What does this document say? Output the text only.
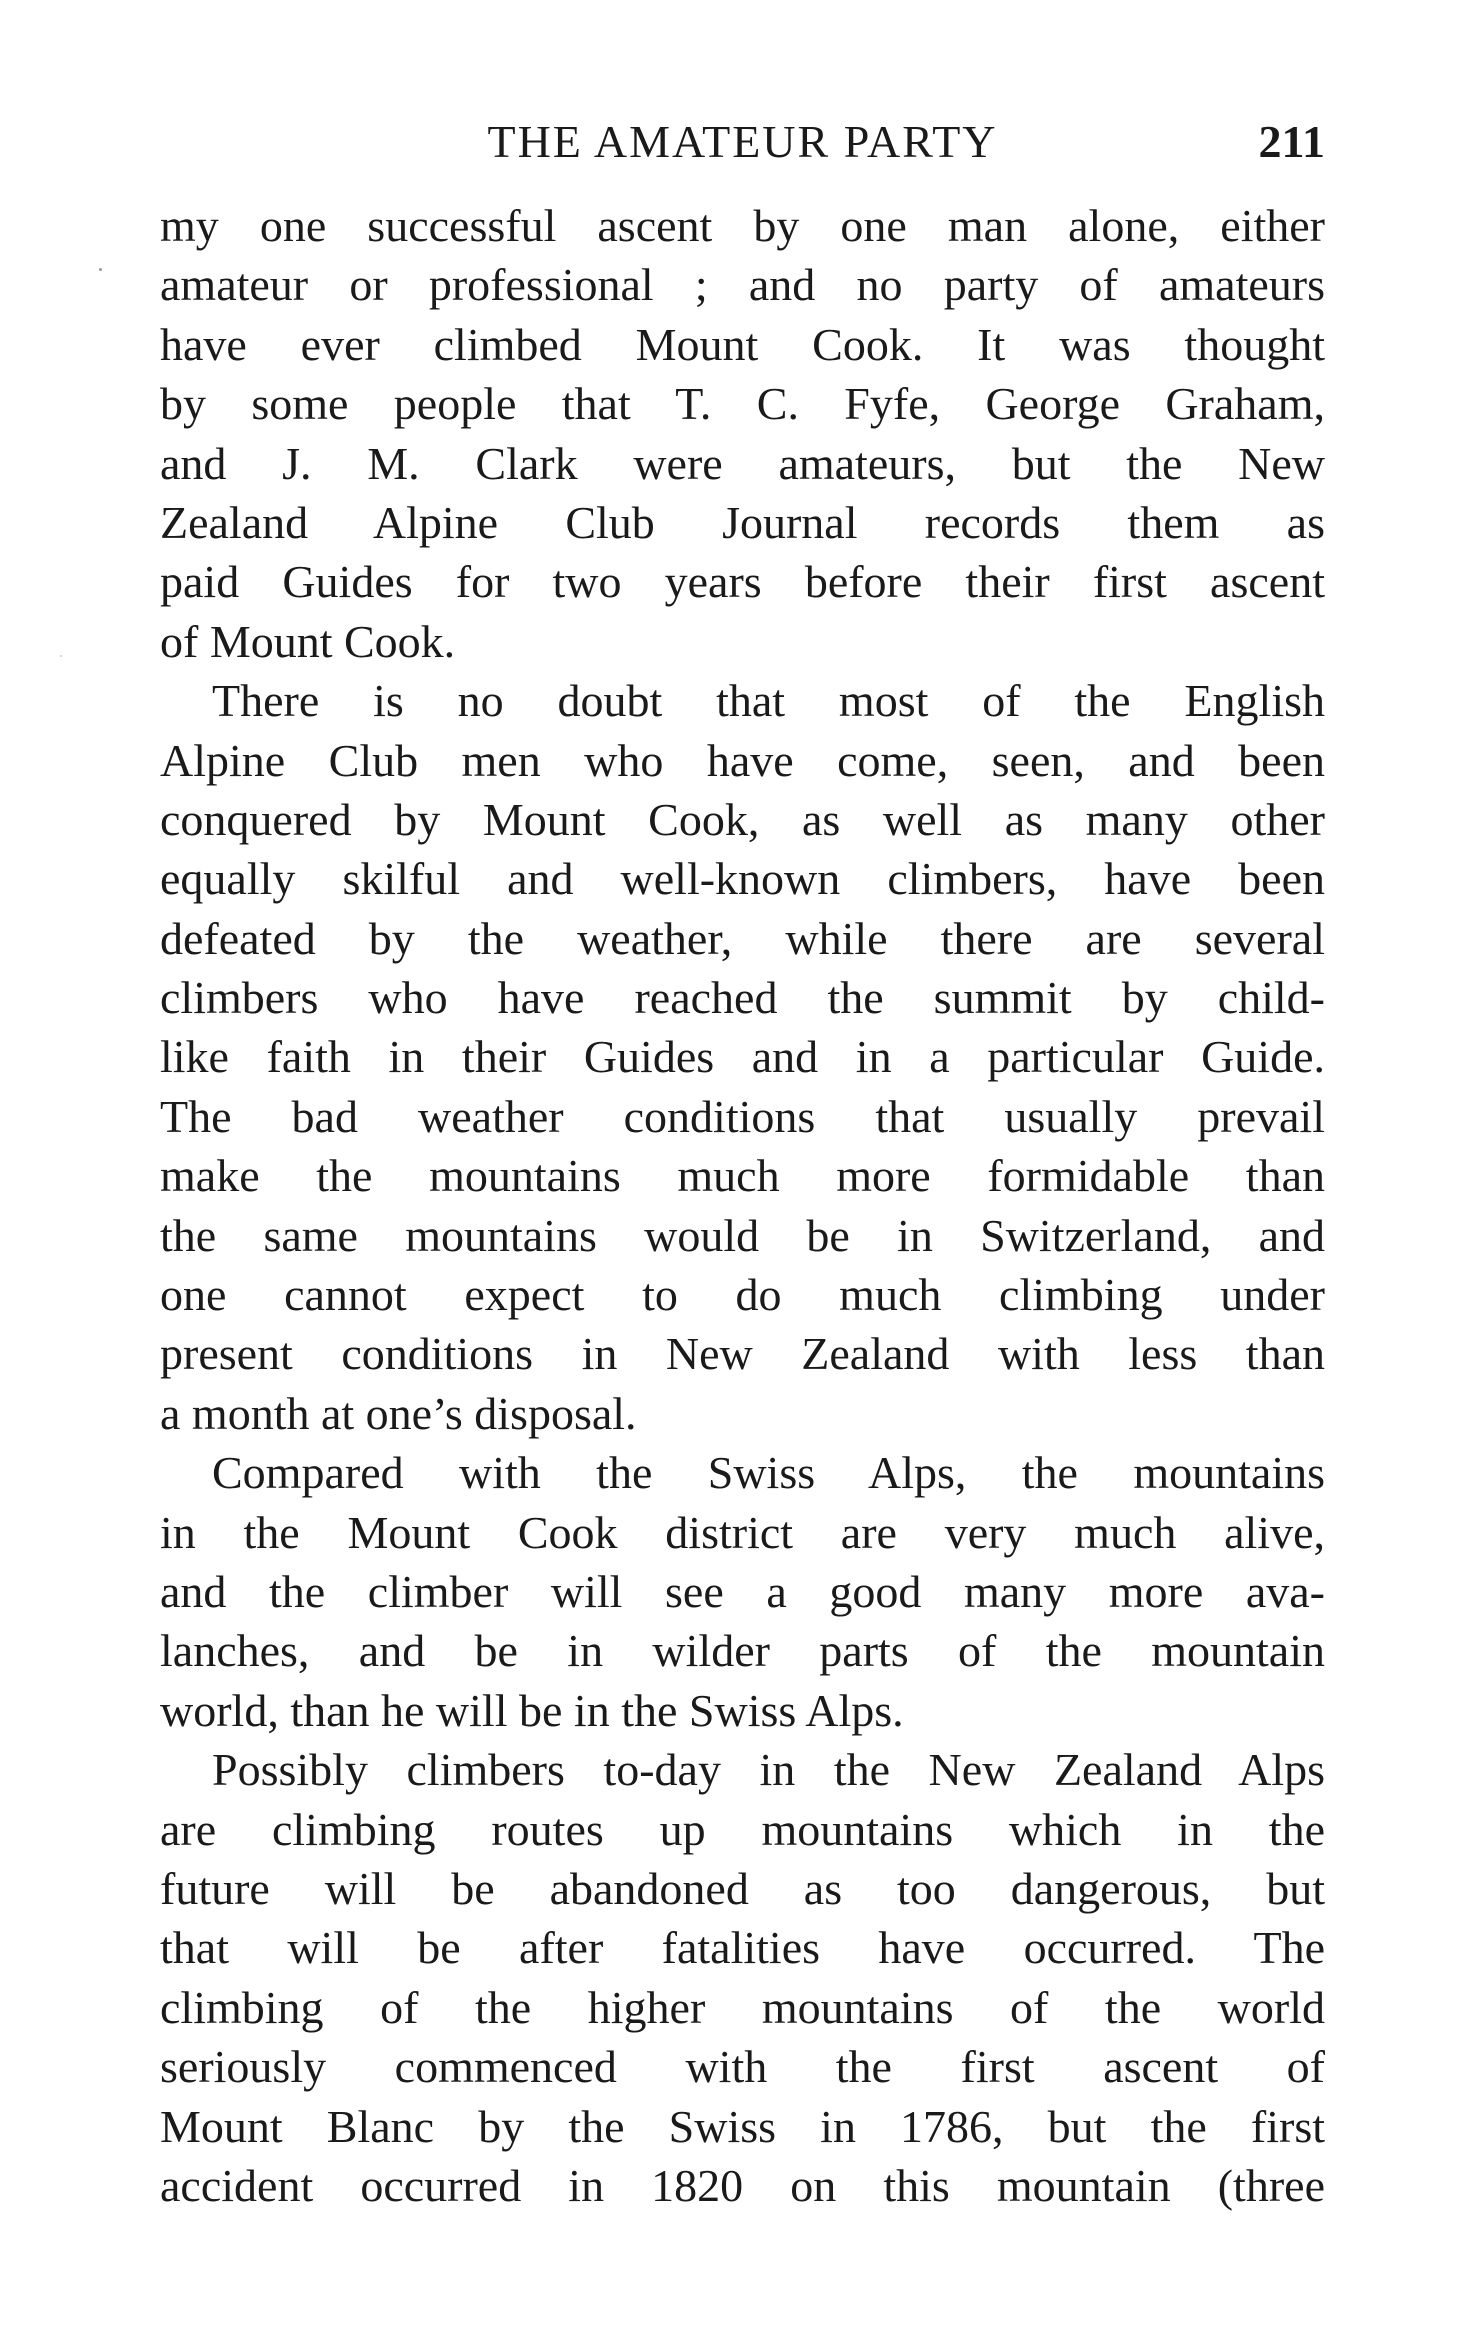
THE AMATEUR PARTY	211
my one successful ascent by one man alone, either
amateur or professional ; and no party of amateurs
have ever climbed Mount Cook. It was thought
by some people that T. C. Fyfe, George Graham,
and J. M. Clark were amateurs, but the New
Zealand Alpine Club Journal records them as
paid Guides for two years before their first ascent
of Mount Cook.
There is no doubt that most of the English
Alpine Club men who have come, seen, and been
conquered by Mount Cook, as well as many other
equally skilful and well-known climbers, have been
defeated by the weather, while there are several
climbers who have reached the summit by child-
like faith in their Guides and in a particular Guide.
The bad weather conditions that usually prevail
make the mountains much more formidable than
the same mountains would be in Switzerland, and
one cannot expect to do much climbing under
present conditions in New Zealand with less than
a month at one’s disposal.
Compared with the Swiss Alps, the mountains
in the Mount Cook district are very much alive,
and the climber will see a good many more ava-
lanches, and be in wilder parts of the mountain
world, than he will be in the Swiss Alps.
Possibly climbers to-day in the New Zealand Alps
are climbing routes up mountains which in the
future will be abandoned as too dangerous, but
that will be after fatalities have occurred. The
climbing of the higher mountains of the world
seriously commenced with the first ascent of
Mount Blanc by the Swiss in 1786, but the first
accident occurred in 1820 on this mountain (three
